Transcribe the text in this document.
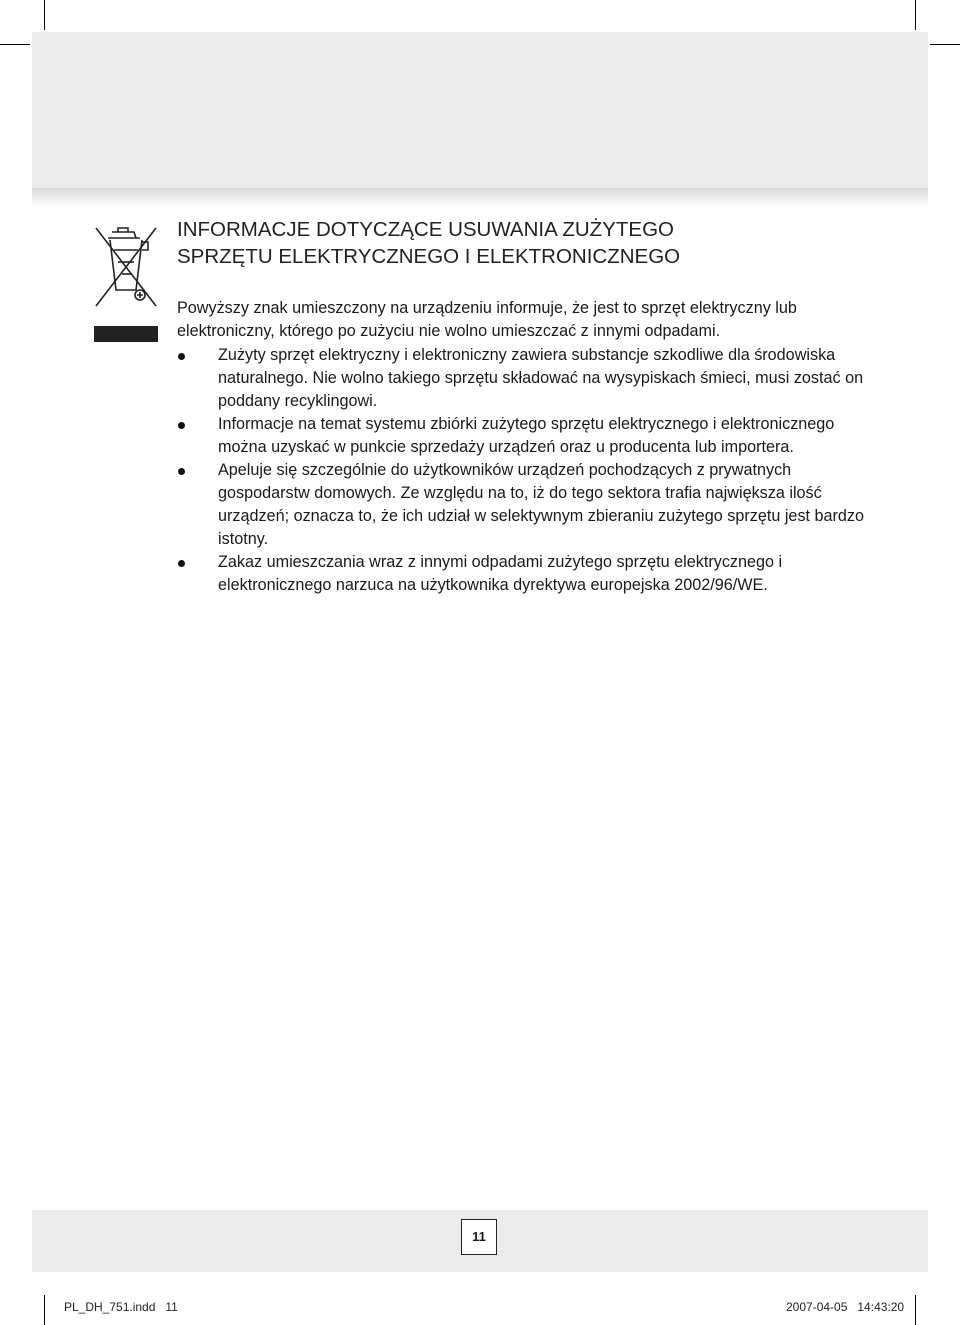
INFORMACJE DOTYCZĄCE USUWANIA ZUŻYTEGO
SPRZĘTU ELEKTRYCZNEGO I ELEKTRONICZNEGO
Powyższy znak umieszczony na urządzeniu informuje, że jest to sprzęt elektryczny lub elektroniczny, którego po zużyciu nie wolno umieszczać z innymi odpadami.
Zużyty sprzęt elektryczny i elektroniczny zawiera substancje szkodliwe dla środowiska naturalnego. Nie wolno takiego sprzętu składować na wysypiskach śmieci, musi zostać on poddany recyklingowi.
Informacje na temat systemu zbiórki zużytego sprzętu elektrycznego i elektronicznego można uzyskać w punkcie sprzedaży urządzeń oraz u producenta lub importera.
Apeluje się szczególnie do użytkowników urządzeń pochodzących z prywatnych gospodarstw domowych. Ze względu na to, iż do tego sektora trafia największa ilość urządzeń; oznacza to, że ich udział w selektywnym zbieraniu zużytego sprzętu jest bardzo istotny.
Zakaz umieszczania wraz z innymi odpadami zużytego sprzętu elektrycznego i elektronicznego narzuca na użytkownika dyrektywa europejska 2002/96/WE.
11
PL_DH_751.indd   11	2007-04-05   14:43:20
